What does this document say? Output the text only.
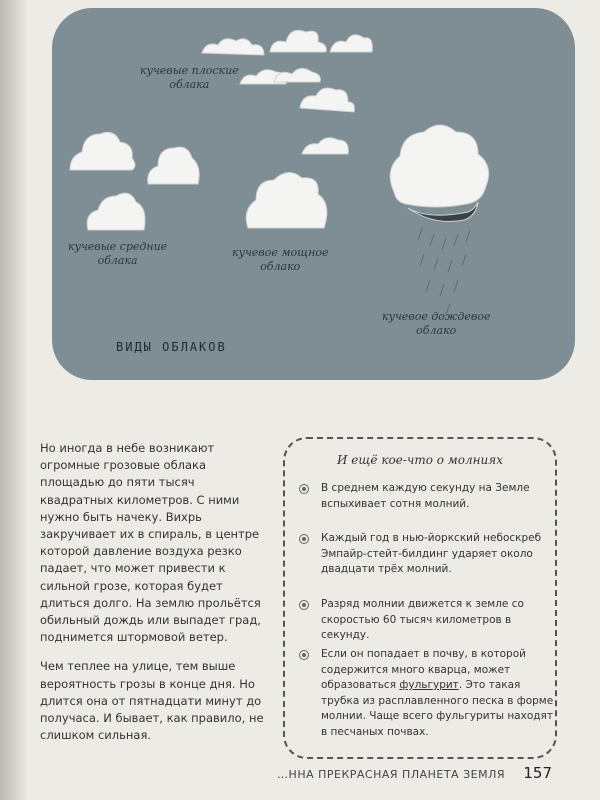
кучевые плоские
облака
кучевые средние
облака
кучевое мощное
облако
кучевое дождевое
облако
ВИДЫ ОБЛАКОВ

Но иногда в небе возникают огромные грозовые облака площадью до пяти тысяч квадратных километров. С ними нужно быть начеку. Вихрь закручивает их в спираль, в центре которой давление воздуха резко падает, что может привести к сильной грозе, которая будет длиться долго. На землю прольётся обильный дождь или выпадет град, поднимется штормовой ветер.

Чем теплее на улице, тем выше вероятность грозы в конце дня. Но длится она от пятнадцати минут до получаса. И бывает, как правило, не слишком сильная.

И ещё кое-что о молниях
В среднем каждую секунду на Земле вспыхивает сотня молний.
Каждый год в нью-йоркский небоскреб Эмпайр-стейт-билдинг ударяет около двадцати трёх молний.
Разряд молнии движется к земле со скоростью 60 тысяч километров в секунду.
Если он попадает в почву, в которой содержится много кварца, может образоваться фульгурит. Это такая трубка из расплавленного песка в форме молнии. Чаще всего фульгуриты находят в песчаных почвах.
…ННА ПРЕКРАСНАЯ ПЛАНЕТА ЗЕМЛЯ 157
